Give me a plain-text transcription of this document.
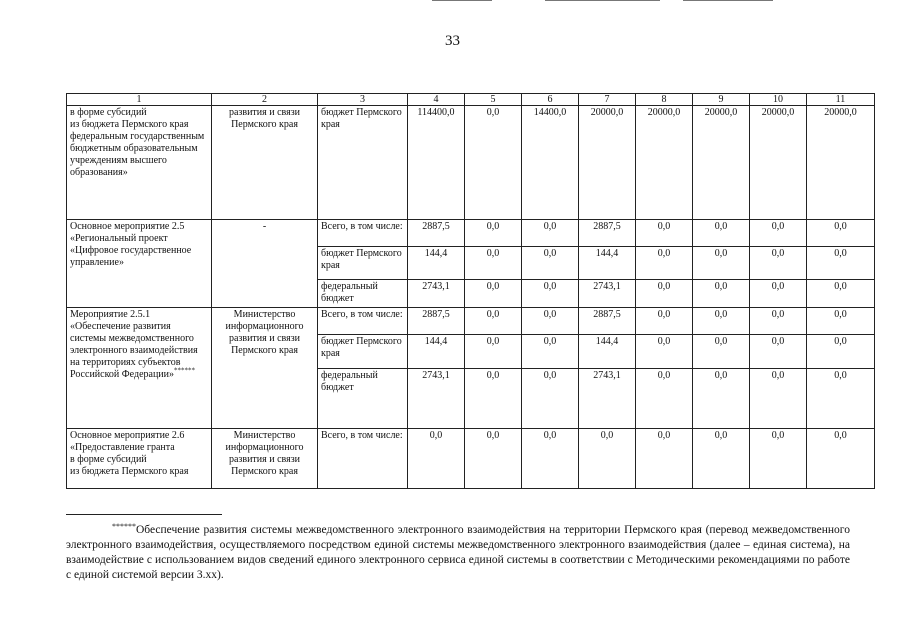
33
1	2	3	4	5	6	7	8	9	10	11
в форме субсидий
из бюджета Пермского края федеральным государственным бюджетным образовательным учреждениям высшего образования»	развития и связи Пермского края	бюджет Пермского края	114400,0	0,0	14400,0	20000,0	20000,0	20000,0	20000,0	20000,0
Основное мероприятие 2.5 «Региональный проект «Цифровое государственное управление»	-	Всего, в том числе:	2887,5	0,0	0,0	2887,5	0,0	0,0	0,0	0,0
		бюджет Пермского края	144,4	0,0	0,0	144,4	0,0	0,0	0,0	0,0
		федеральный бюджет	2743,1	0,0	0,0	2743,1	0,0	0,0	0,0	0,0
Мероприятие 2.5.1
«Обеспечение развития системы межведомственного электронного взаимодействия
на территориях субъектов Российской Федерации»******	Министерство информационного развития и связи Пермского края	Всего, в том числе:	2887,5	0,0	0,0	2887,5	0,0	0,0	0,0	0,0
		бюджет Пермского края	144,4	0,0	0,0	144,4	0,0	0,0	0,0	0,0
		федеральный бюджет	2743,1	0,0	0,0	2743,1	0,0	0,0	0,0	0,0
Основное мероприятие 2.6 «Предоставление гранта
в форме субсидий
из бюджета Пермского края	Министерство информационного развития и связи Пермского края	Всего, в том числе:	0,0	0,0	0,0	0,0	0,0	0,0	0,0	0,0
******Обеспечение развития системы межведомственного электронного взаимодействия на территории Пермского края (перевод межведомственного электронного взаимодействия, осуществляемого посредством единой системы межведомственного электронного взаимодействия (далее – единая система), на взаимодействие с использованием видов сведений единого электронного сервиса единой системы в соответствии с Методическими рекомендациями по работе с единой системой версии 3.хх).
